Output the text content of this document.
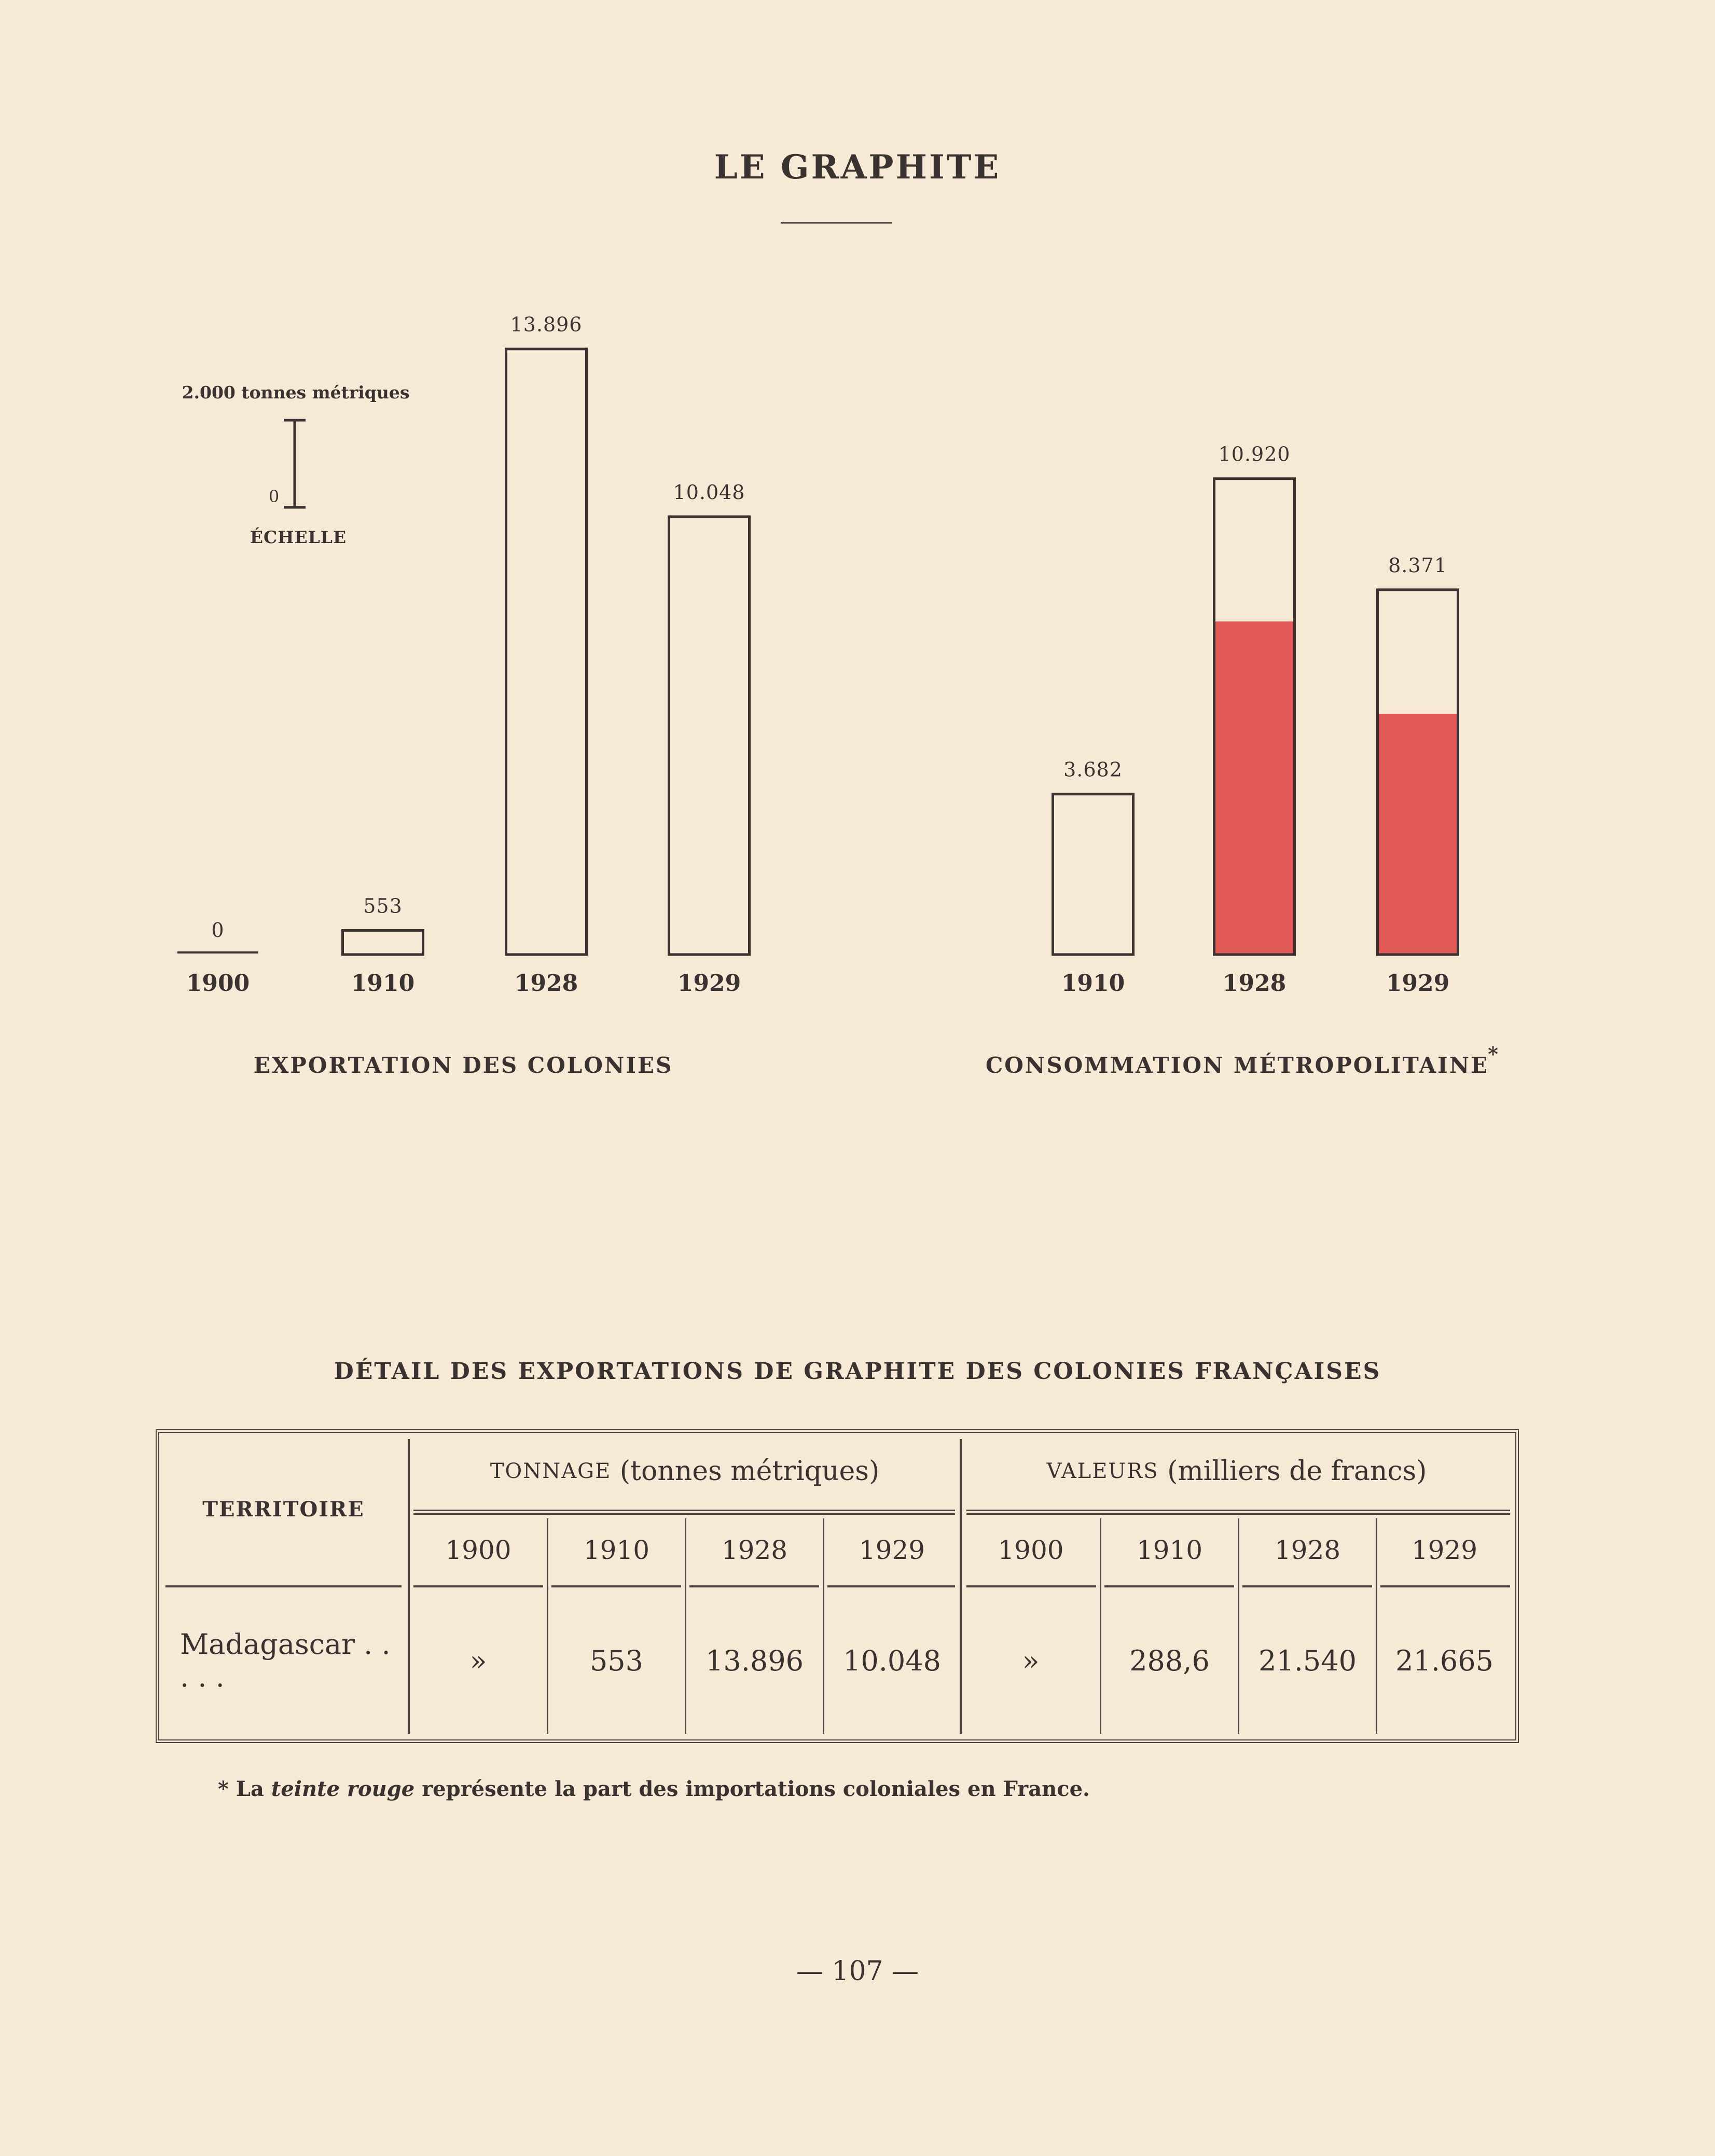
LE GRAPHITE
2.000 tonnes métriques
0
ÉCHELLE
0
1900
553
1910
13.896
1928
10.048
1929
3.682
1910
10.920
1928
8.371
1929
EXPORTATION DES COLONIES	CONSOMMATION MÉTROPOLITAINE
*
DÉTAIL DES EXPORTATIONS DE GRAPHITE DES COLONIES FRANÇAISES
TERRITOIRE
TONNAGE
(tonnes métriques)	VALEURS
(milliers de francs)
1900	1910	1928	1929	1900	1910	1928	1929
Madagascar . . . . .	»	553	13.896	10.048	»	288,6	21.540	21.665
* La teinte rouge représente la part des importations coloniales en France.
— 107 —
